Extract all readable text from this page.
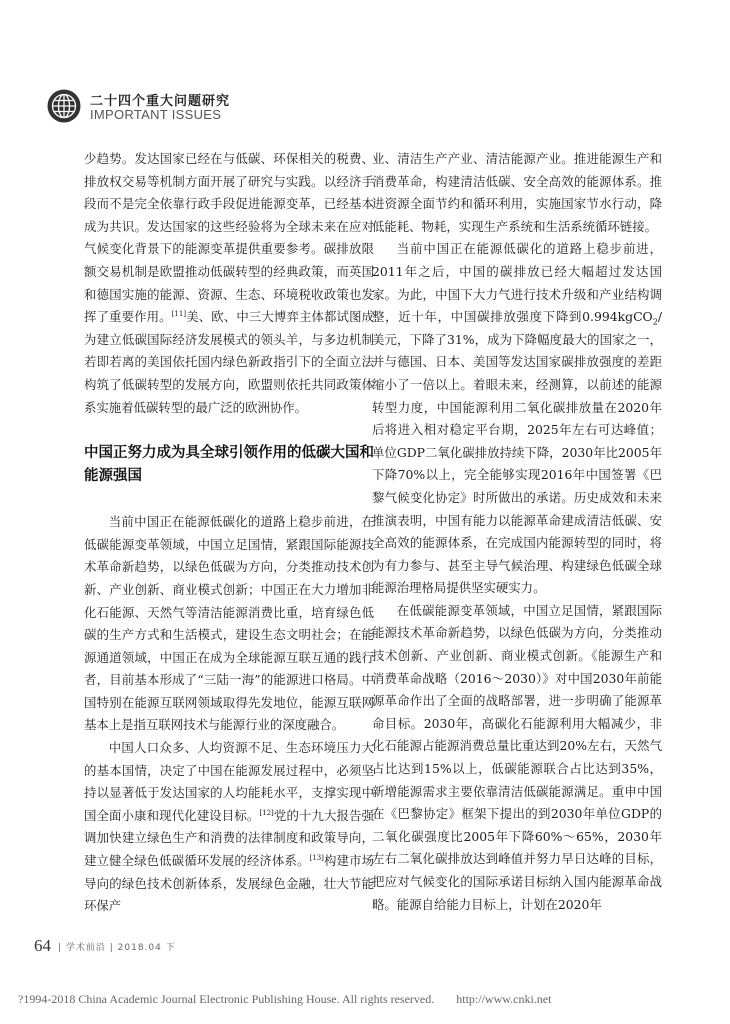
二十四个重大问题研究
IMPORTANT ISSUES

少趋势。发达国家已经在与低碳、环保相关的税费、排放权交易等机制方面开展了研究与实践。以经济手段而不是完全依靠行政手段促进能源变革，已经基本成为共识。发达国家的这些经验将为全球未来在应对气候变化背景下的能源变革提供重要参考。碳排放限额交易机制是欧盟推动低碳转型的经典政策，而英国和德国实施的能源、资源、生态、环境税收政策也发挥了重要作用。[11]美、欧、中三大博弈主体都试图成为建立低碳国际经济发展模式的领头羊，与多边机制若即若离的美国依托国内绿色新政指引下的全面立法构筑了低碳转型的发展方向，欧盟则依托共同政策体系实施着低碳转型的最广泛的欧洲协作。

中国正努力成为具全球引领作用的低碳大国和能源强国

当前中国正在能源低碳化的道路上稳步前进，在低碳能源变革领域，中国立足国情，紧跟国际能源技术革命新趋势，以绿色低碳为方向，分类推动技术创新、产业创新、商业模式创新；中国正在大力增加非化石能源、天然气等清洁能源消费比重，培育绿色低碳的生产方式和生活模式，建设生态文明社会；在能源通道领域，中国正在成为全球能源互联互通的践行者，目前基本形成了“三陆一海”的能源进口格局。中国特别在能源互联网领域取得先发地位，能源互联网基本上是指互联网技术与能源行业的深度融合。

中国人口众多、人均资源不足、生态环境压力大的基本国情，决定了中国在能源发展过程中，必须坚持以显著低于发达国家的人均能耗水平，支撑实现中国全面小康和现代化建设目标。[12]党的十九大报告强调加快建立绿色生产和消费的法律制度和政策导向，建立健全绿色低碳循环发展的经济体系。[13]构建市场导向的绿色技术创新体系，发展绿色金融，壮大节能环保产

业、清洁生产产业、清洁能源产业。推进能源生产和消费革命，构建清洁低碳、安全高效的能源体系。推进资源全面节约和循环利用，实施国家节水行动，降低能耗、物耗，实现生产系统和生活系统循环链接。

当前中国正在能源低碳化的道路上稳步前进，2011年之后，中国的碳排放已经大幅超过发达国家。为此，中国下大力气进行技术升级和产业结构调整，近十年，中国碳排放强度下降到0.994kgCO$_2$/美元，下降了31%，成为下降幅度最大的国家之一，并与德国、日本、美国等发达国家碳排放强度的差距缩小了一倍以上。着眼未来，经测算，以前述的能源转型力度，中国能源利用二氧化碳排放量在2020年后将进入相对稳定平台期，2025年左右可达峰值；单位GDP二氧化碳排放持续下降，2030年比2005年下降70%以上，完全能够实现2016年中国签署《巴黎气候变化协定》时所做出的承诺。历史成效和未来推演表明，中国有能力以能源革命建成清洁低碳、安全高效的能源体系，在完成国内能源转型的同时，将为有力参与、甚至主导气候治理、构建绿色低碳全球能源治理格局提供坚实硬实力。

在低碳能源变革领域，中国立足国情，紧跟国际能源技术革命新趋势，以绿色低碳为方向，分类推动技术创新、产业创新、商业模式创新。《能源生产和消费革命战略（2016～2030）》对中国2030年前能源革命作出了全面的战略部署，进一步明确了能源革命目标。2030年，高碳化石能源利用大幅减少，非化石能源占能源消费总量比重达到20%左右，天然气占比达到15%以上，低碳能源联合占比达到35%，新增能源需求主要依靠清洁低碳能源满足。重申中国在《巴黎协定》框架下提出的到2030年单位GDP的二氧化碳强度比2005年下降60%～65%，2030年左右二氧化碳排放达到峰值并努力早日达峰的目标，把应对气候变化的国际承诺目标纳入国内能源革命战略。能源自给能力目标上，计划在2020年

64 | 学术前沿 | 2018.04 下
?1994-2018 China Academic Journal Electronic Publishing House. All rights reserved. http://www.cnki.net
